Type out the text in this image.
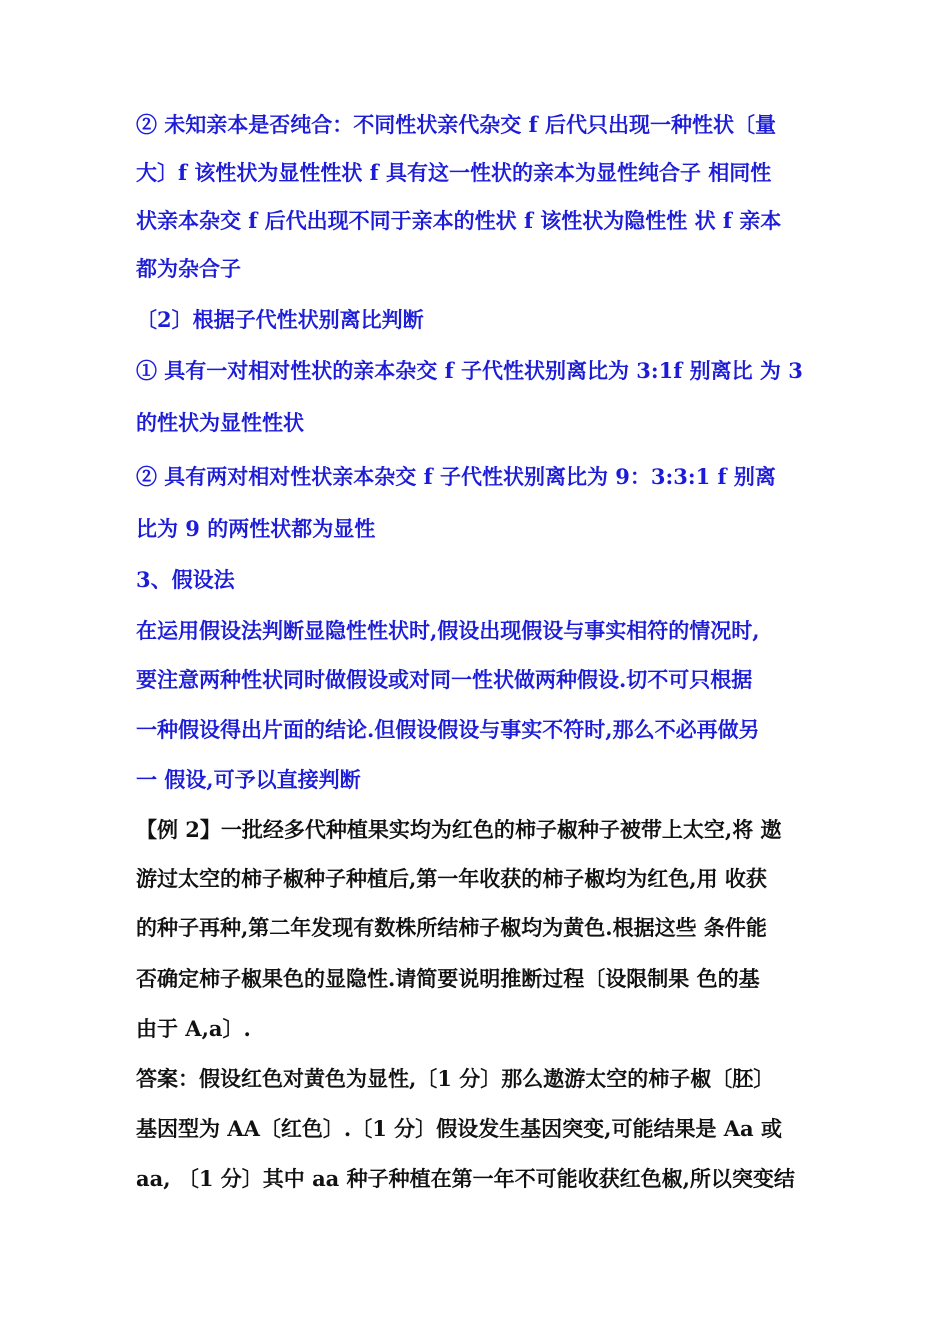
② 未知亲本是否纯合：不同性状亲代杂交 f 后代只出现一种性状〔量
大〕f 该性状为显性性状 f 具有这一性状的亲本为显性纯合子 相同性
状亲本杂交 f 后代出现不同于亲本的性状 f 该性状为隐性性 状 f 亲本
都为杂合子
〔2〕根据子代性状别离比判断
① 具有一对相对性状的亲本杂交 f 子代性状别离比为 3:1f 别离比 为 3
的性状为显性性状
② 具有两对相对性状亲本杂交 f 子代性状别离比为 9：3:3:1 f 别离
比为 9 的两性状都为显性
3、假设法
在运用假设法判断显隐性性状时,假设出现假设与事实相符的情况时,
要注意两种性状同时做假设或对同一性状做两种假设.切不可只根据
一种假设得出片面的结论.但假设假设与事实不符时,那么不必再做另
一 假设,可予以直接判断
【例 2】一批经多代种植果实均为红色的柿子椒种子被带上太空,将 遨
游过太空的柿子椒种子种植后,第一年收获的柿子椒均为红色,用 收获
的种子再种,第二年发现有数株所结柿子椒均为黄色.根据这些 条件能
否确定柿子椒果色的显隐性.请简要说明推断过程〔设限制果 色的基
由于 A,a〕.
答案：假设红色对黄色为显性,〔1 分〕那么遨游太空的柿子椒〔胚〕
基因型为 AA〔红色〕.〔1 分〕假设发生基因突变,可能结果是 Aa 或
aa, 〔1 分〕其中 aa 种子种植在第一年不可能收获红色椒,所以突变结
